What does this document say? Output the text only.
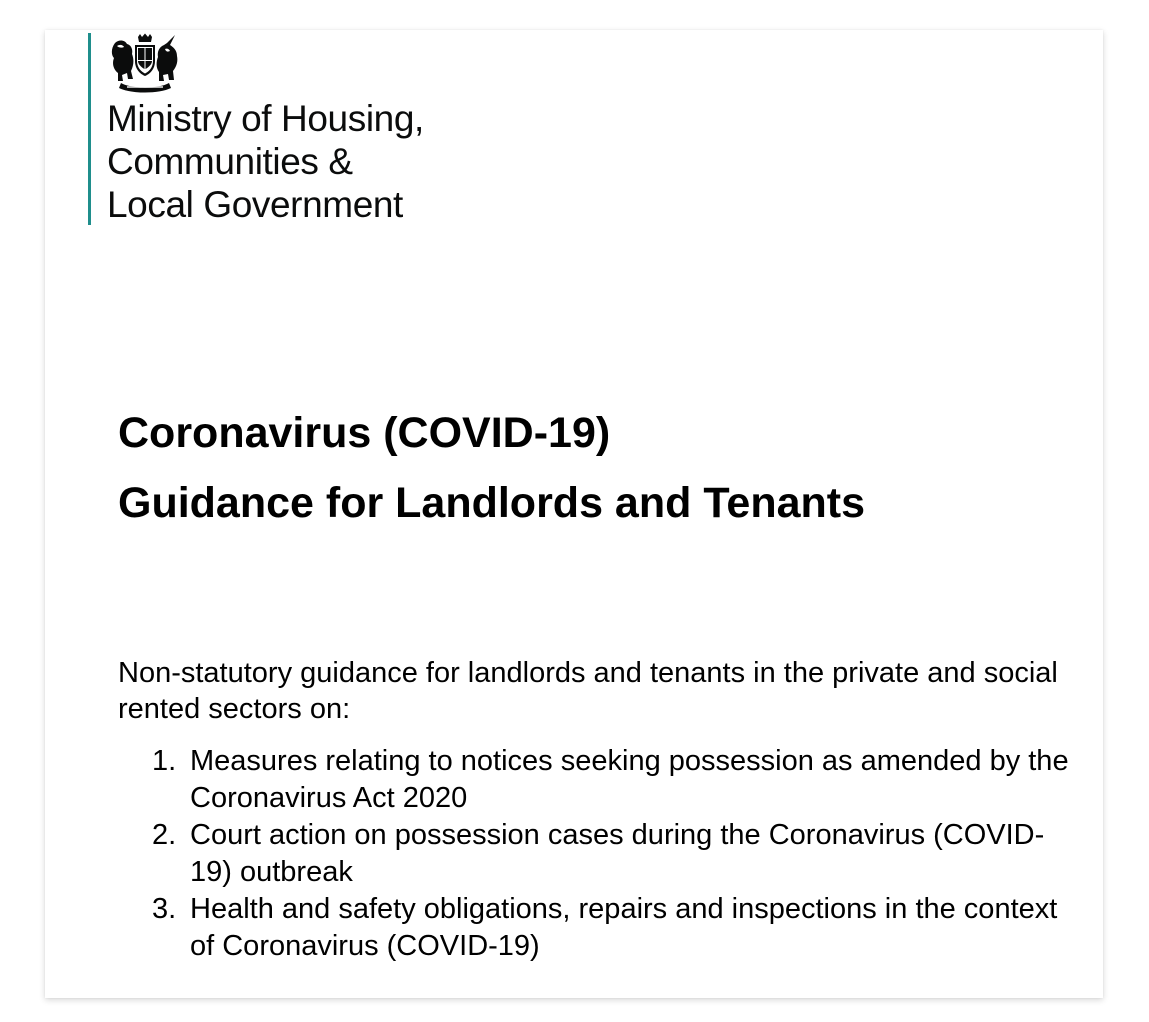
Ministry of Housing,
Communities &
Local Government
Coronavirus (COVID-19)
Guidance for Landlords and Tenants

Non-statutory guidance for landlords and tenants in the private and social rented sectors on:

1. Measures relating to notices seeking possession as amended by the Coronavirus Act 2020
2. Court action on possession cases during the Coronavirus (COVID-19) outbreak
3. Health and safety obligations, repairs and inspections in the context of Coronavirus (COVID-19)
